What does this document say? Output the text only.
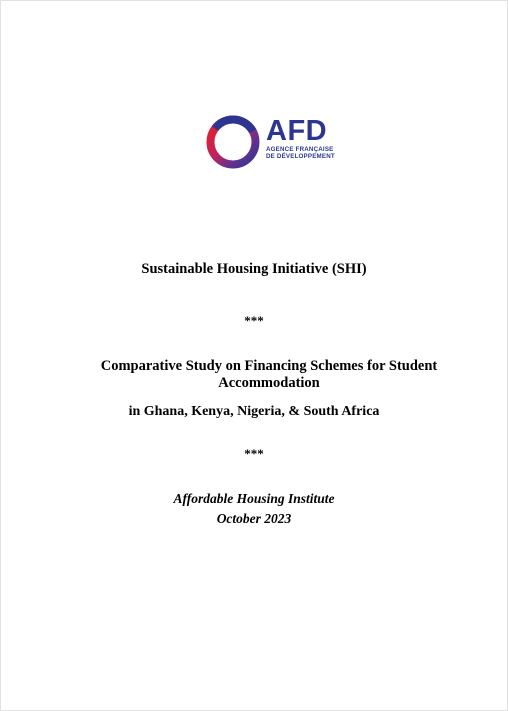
AFD
AGENCE FRANÇAISE
DE DÉVELOPPEMENT

Sustainable Housing Initiative (SHI)

***

Comparative Study on Financing Schemes for Student Accommodation

in Ghana, Kenya, Nigeria, & South Africa

***

Affordable Housing Institute

October 2023
